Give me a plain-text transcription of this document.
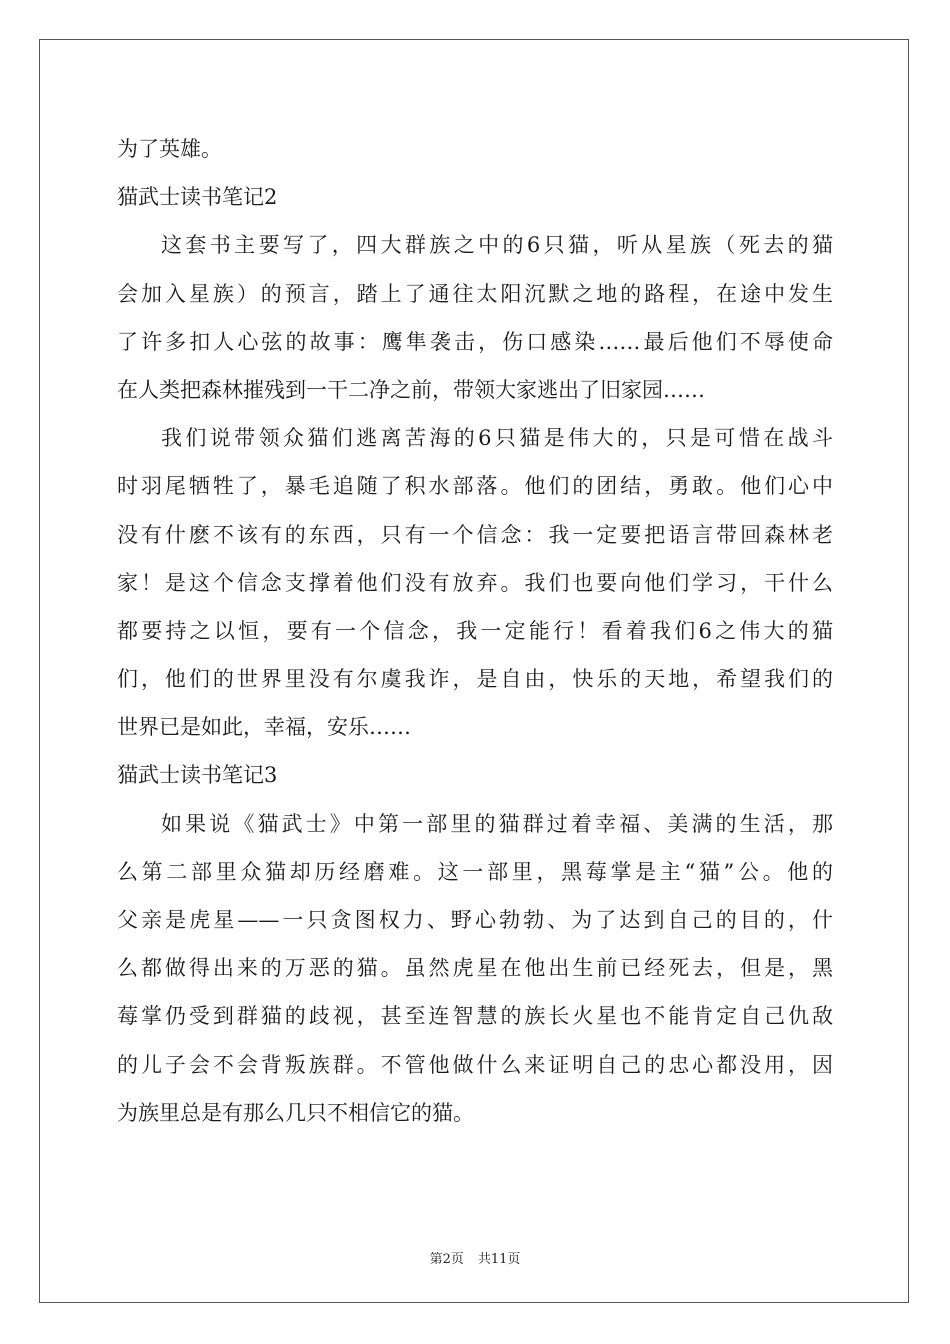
为了英雄。

猫武士读书笔记2

这套书主要写了，四大群族之中的6只猫，听从星族（死去的猫

会加入星族）的预言，踏上了通往太阳沉默之地的路程，在途中发生

了许多扣人心弦的故事：鹰隼袭击，伤口感染……最后他们不辱使命

在人类把森林摧残到一干二净之前，带领大家逃出了旧家园……

我们说带领众猫们逃离苦海的6只猫是伟大的，只是可惜在战斗

时羽尾牺牲了，暴毛追随了积水部落。他们的团结，勇敢。他们心中

没有什麽不该有的东西，只有一个信念：我一定要把语言带回森林老

家！是这个信念支撑着他们没有放弃。我们也要向他们学习，干什么

都要持之以恒，要有一个信念，我一定能行！看着我们6之伟大的猫

们，他们的世界里没有尔虞我诈，是自由，快乐的天地，希望我们的

世界已是如此，幸福，安乐……

猫武士读书笔记3

如果说《猫武士》中第一部里的猫群过着幸福、美满的生活，那

么第二部里众猫却历经磨难。这一部里，黑莓掌是主“猫”公。他的

父亲是虎星——一只贪图权力、野心勃勃、为了达到自己的目的，什

么都做得出来的万恶的猫。虽然虎星在他出生前已经死去，但是，黑

莓掌仍受到群猫的歧视，甚至连智慧的族长火星也不能肯定自己仇敌

的儿子会不会背叛族群。不管他做什么来证明自己的忠心都没用，因

为族里总是有那么几只不相信它的猫。

第2页 共11页
